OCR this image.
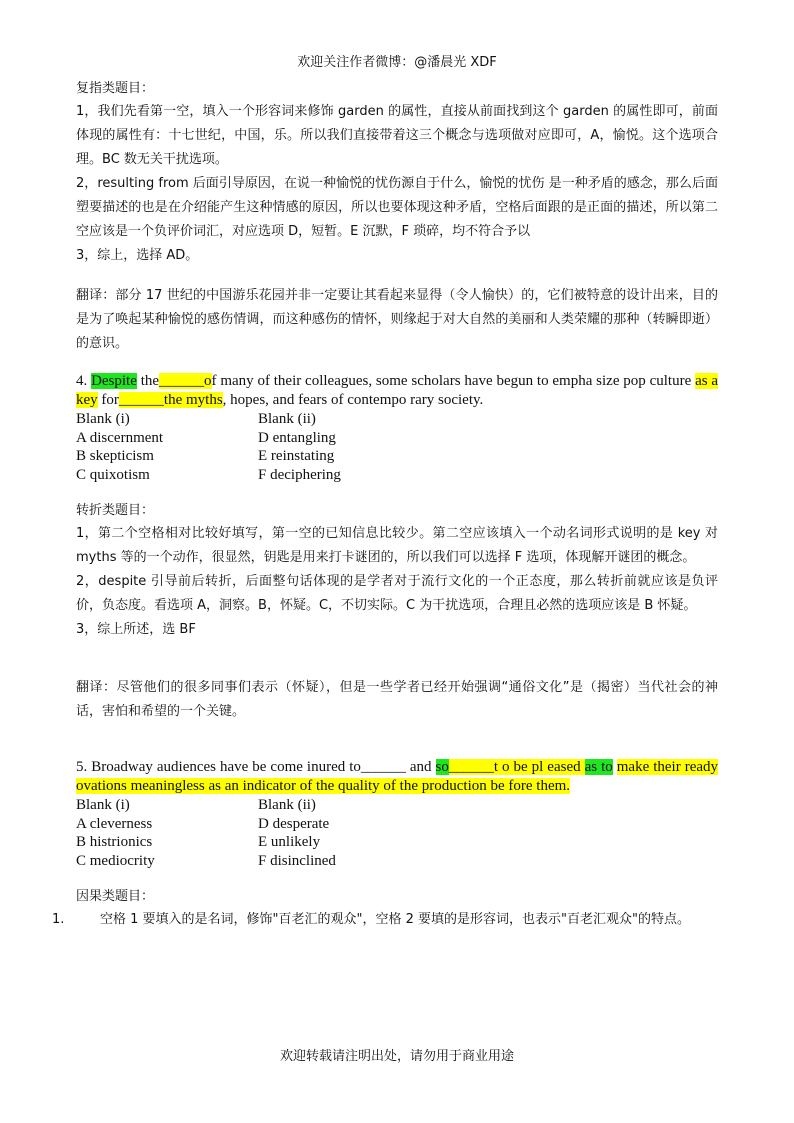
欢迎关注作者微博：@潘晨光 XDF

复指类题目：

1，我们先看第一空，填入一个形容词来修饰 garden 的属性，直接从前面找到这个 garden 的属性即可，前面体现的属性有：十七世纪，中国，乐。所以我们直接带着这三个概念与选项做对应即可，A，愉悦。这个选项合理。BC 数无关干扰选项。

2，resulting from 后面引导原因，在说一种愉悦的忧伤源自于什么，愉悦的忧伤 是一种矛盾的感念，那么后面塑要描述的也是在介绍能产生这种情感的原因，所以也要体现这种矛盾，空格后面跟的是正面的描述，所以第二空应该是一个负评价词汇，对应选项 D，短暂。E 沉默，F 琐碎，均不符合予以

3，综上，选择 AD。

翻译：部分 17 世纪的中国游乐花园并非一定要让其看起来显得（令人愉快）的，它们被特意的设计出来，目的是为了唤起某种愉悦的感伤情调，而这种感伤的情怀，则缘起于对大自然的美丽和人类荣耀的那种（转瞬即逝）的意识。

4. Despite the______of many of their colleagues, some scholars have begun to empha size pop culture as a key for______the myths, hopes, and fears of contempo rary society.

Blank (i)	Blank (ii)
A discernment	D entangling
B skepticism	E reinstating
C quixotism	F deciphering

转折类题目：

1，第二个空格相对比较好填写，第一空的已知信息比较少。第二空应该填入一个动名词形式说明的是 key 对 myths 等的一个动作，很显然，钥匙是用来打卡谜团的，所以我们可以选择 F 选项，体现解开谜团的概念。

2，despite 引导前后转折，后面整句话体现的是学者对于流行文化的一个正态度，那么转折前就应该是负评价，负态度。看选项 A，洞察。B，怀疑。C，不切实际。C 为干扰选项，合理且必然的选项应该是 B 怀疑。

3，综上所述，选 BF

翻译：尽管他们的很多同事们表示（怀疑），但是一些学者已经开始强调“通俗文化”是（揭密）当代社会的神话，害怕和希望的一个关键。

5. Broadway audiences have be come inured to______ and so______t o be pl eased as to make their ready ovations meaningless as an indicator of the quality of the production be fore them.

Blank (i)	Blank (ii)
A cleverness	D desperate
B histrionics	E unlikely
C mediocrity	F disinclined

因果类题目：

1.	空格 1 要填入的是名词，修饰"百老汇的观众"，空格 2 要填的是形容词，也表示"百老汇观众"的特点。

欢迎转载请注明出处，请勿用于商业用途
